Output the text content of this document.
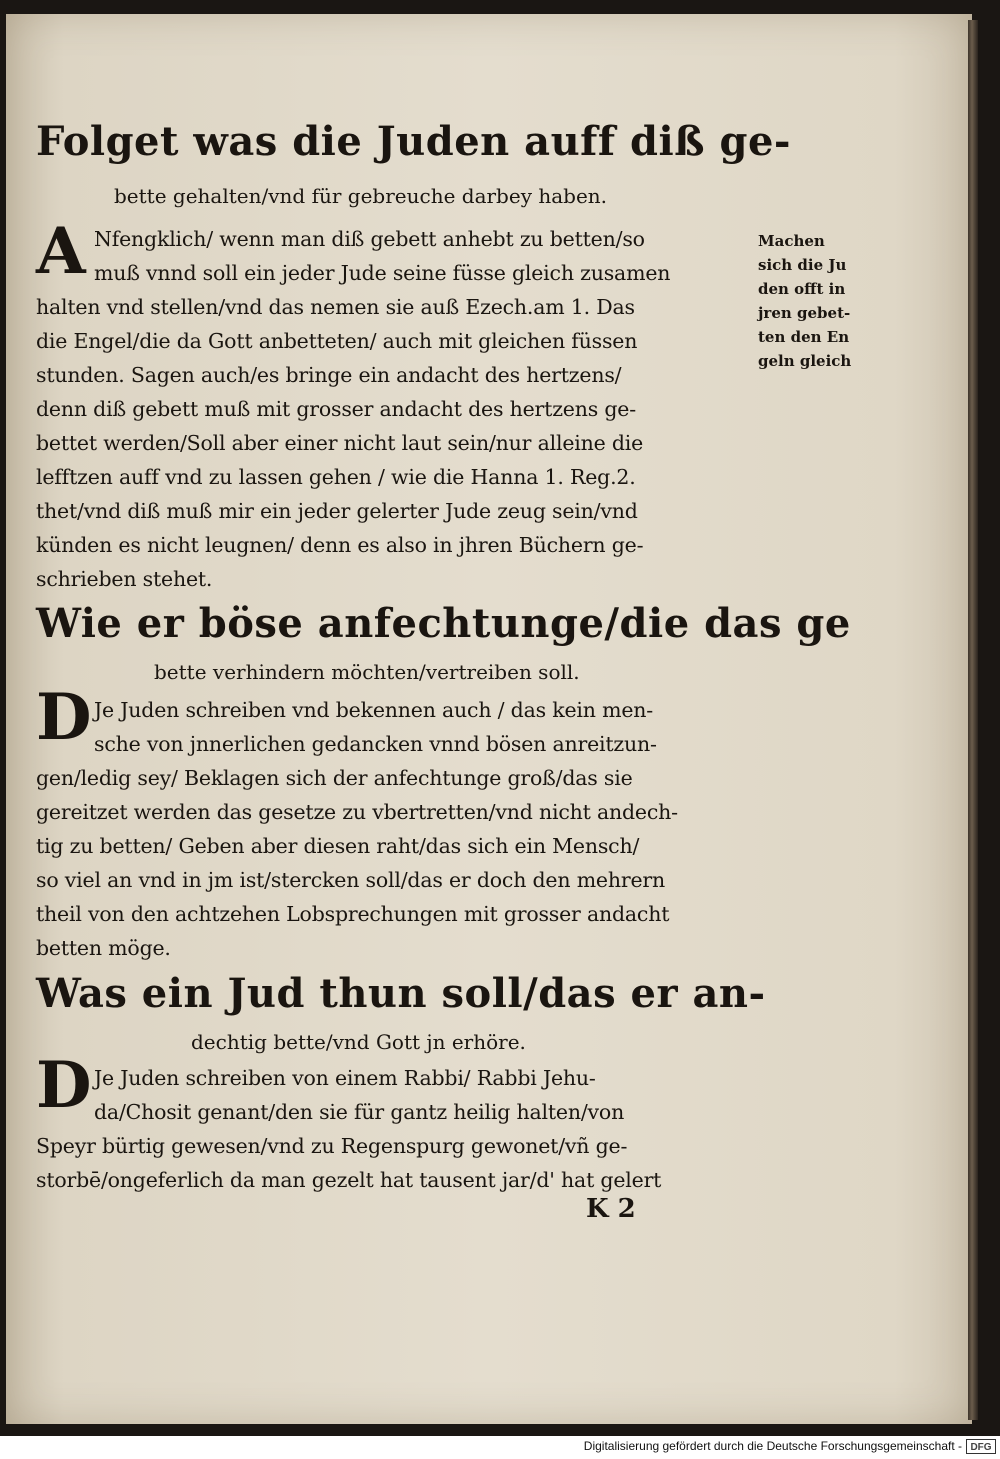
Folget was die Juden auff diß ge-
bette gehalten/vnd für gebreuche darbey haben.
A Nfengklich/ wenn man diß gebett anhebt zu betten/so
muß vnnd soll ein jeder Jude seine füsse gleich zusamen
halten vnd stellen/vnd das nemen sie auß Ezech.am 1. Das
die Engel/die da Gott anbetteten/ auch mit gleichen füssen
stunden. Sagen auch/es bringe ein andacht des hertzens/
denn diß gebett muß mit grosser andacht des hertzens ge-
bettet werden/Soll aber einer nicht laut sein/nur alleine die
lefftzen auff vnd zu lassen gehen / wie die Hanna 1. Reg.2.
thet/vnd diß muß mir ein jeder gelerter Jude zeug sein/vnd
künden es nicht leugnen/ denn es also in jhren Büchern ge-
schrieben stehet.
Machen
sich die Ju
den offt in
jren gebet-
ten den En
geln gleich
Wie er böse anfechtunge/die das ge
bette verhindern möchten/vertreiben soll.
D Je Juden schreiben vnd bekennen auch / das kein men-
sche von jnnerlichen gedancken vnnd bösen anreitzun-
gen/ledig sey/ Beklagen sich der anfechtunge groß/das sie
gereitzet werden das gesetze zu vbertretten/vnd nicht andech-
tig zu betten/ Geben aber diesen raht/das sich ein Mensch/
so viel an vnd in jm ist/stercken soll/das er doch den mehrern
theil von den achtzehen Lobsprechungen mit grosser andacht
betten möge.
Was ein Jud thun soll/das er an-
dechtig bette/vnd Gott jn erhöre.
D Je Juden schreiben von einem Rabbi/ Rabbi Jehu-
da/Chosit genant/den sie für gantz heilig halten/von
Speyr bürtig gewesen/vnd zu Regenspurg gewonet/vñ ge-
storbē/ongeferlich da man gezelt hat tausent jar/d' hat gelert
K 2
Digitalisierung gefördert durch die Deutsche Forschungsgemeinschaft - DFG
